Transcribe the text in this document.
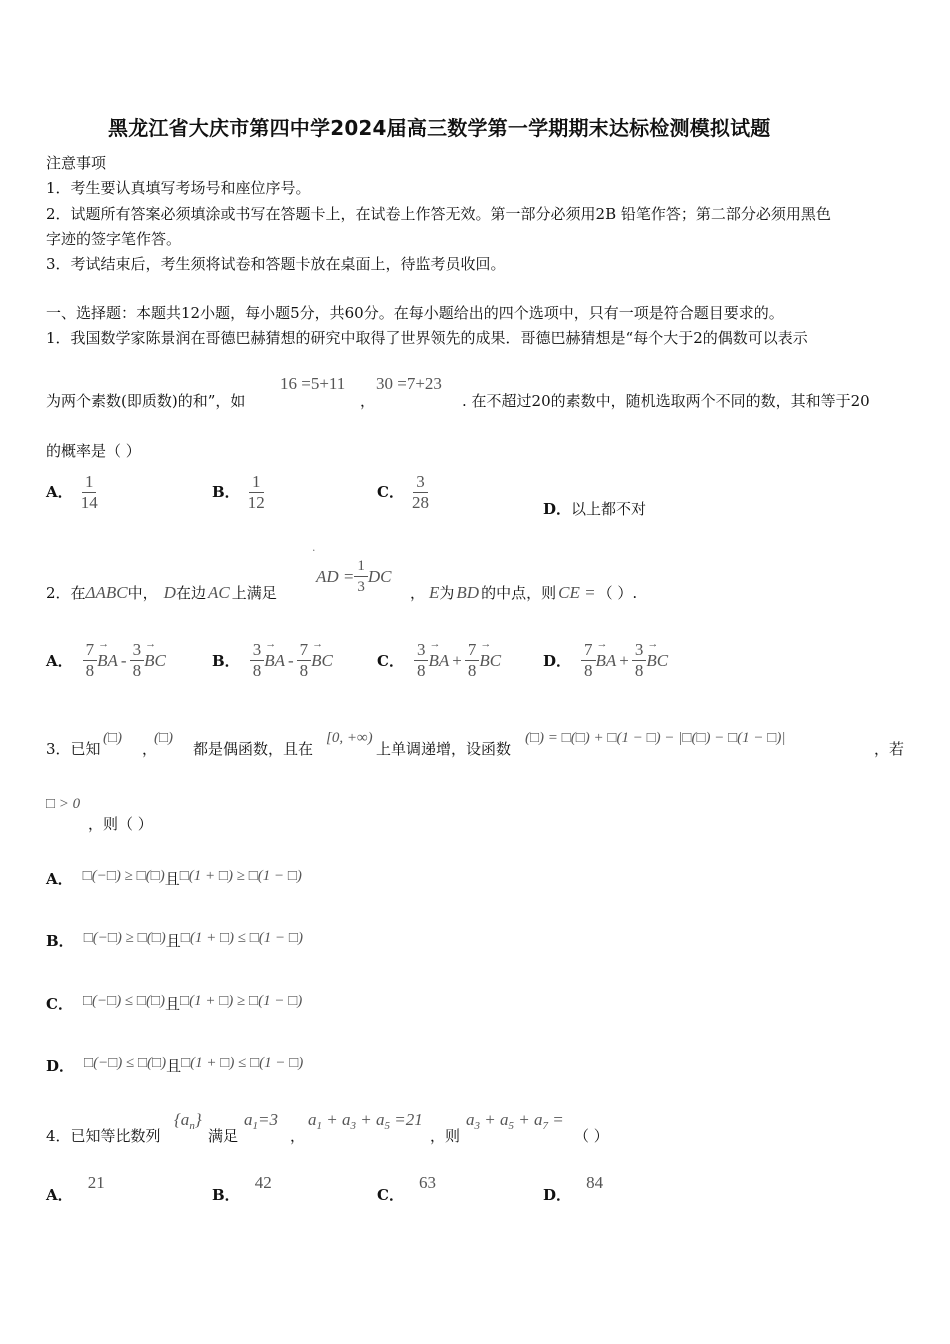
黑龙江省大庆市第四中学2024届高三数学第一学期期末达标检测模拟试题
注意事项
1．考生要认真填写考场号和座位序号。
2．试题所有答案必须填涂或书写在答题卡上，在试卷上作答无效。第一部分必须用2B 铅笔作答；第二部分必须用黑色
字迹的签字笔作答。
3．考试结束后，考生须将试卷和答题卡放在桌面上，待监考员收回。
一、选择题：本题共12小题，每小题5分，共60分。在每小题给出的四个选项中，只有一项是符合题目要求的。
1．我国数学家陈景润在哥德巴赫猜想的研究中取得了世界领先的成果．哥德巴赫猜想是“每个大于2的偶数可以表示
为两个素数(即质数)的和”，如
16 =5+11
，
30 =7+23
. 在不超过20的素数中，随机选取两个不同的数，其和等于20
的概率是（ ）
A． $\frac{1}{14}$	B． $\frac{1}{12}$	C． $\frac{3}{28}$	D．以上都不对
·
2．在 ΔABC 中， D 在边 AC 上满足
AD = $\frac{1}{3}$ DC
， E 为 BD 的中点，则 CE = （ ）.
A． $\frac{7}{8}$ BA → - $\frac{3}{8}$ BC →	B． $\frac{3}{8}$ BA → - $\frac{7}{8}$ BC →	C． $\frac{3}{8}$ BA → + $\frac{7}{8}$ BC →	D． $\frac{7}{8}$ BA → + $\frac{3}{8}$ BC →
3．已知
(□)
，
(□)
都是偶函数，且在
[0, +∞)
上单调递增，设函数
(□) = □(□) + □(1 − □) − |□(□) − □(1 − □)|
，若
□ > 0
，则（ ）
A． □(−□) ≥ □(□) 且 □(1 + □) ≥ □(1 − □)
B． □(−□) ≥ □(□) 且 □(1 + □) ≤ □(1 − □)
C． □(−□) ≤ □(□) 且 □(1 + □) ≥ □(1 − □)
D． □(−□) ≤ □(□) 且 □(1 + □) ≤ □(1 − □)
4．已知等比数列
$\{a_n\}$
满足
$a_1=3$
，
$a_1 + a_3 + a_5 =21$
，则
$a_3 + a_5 + a_7$ =
（ ）
A． 21
B． 42
C． 63
D． 84
